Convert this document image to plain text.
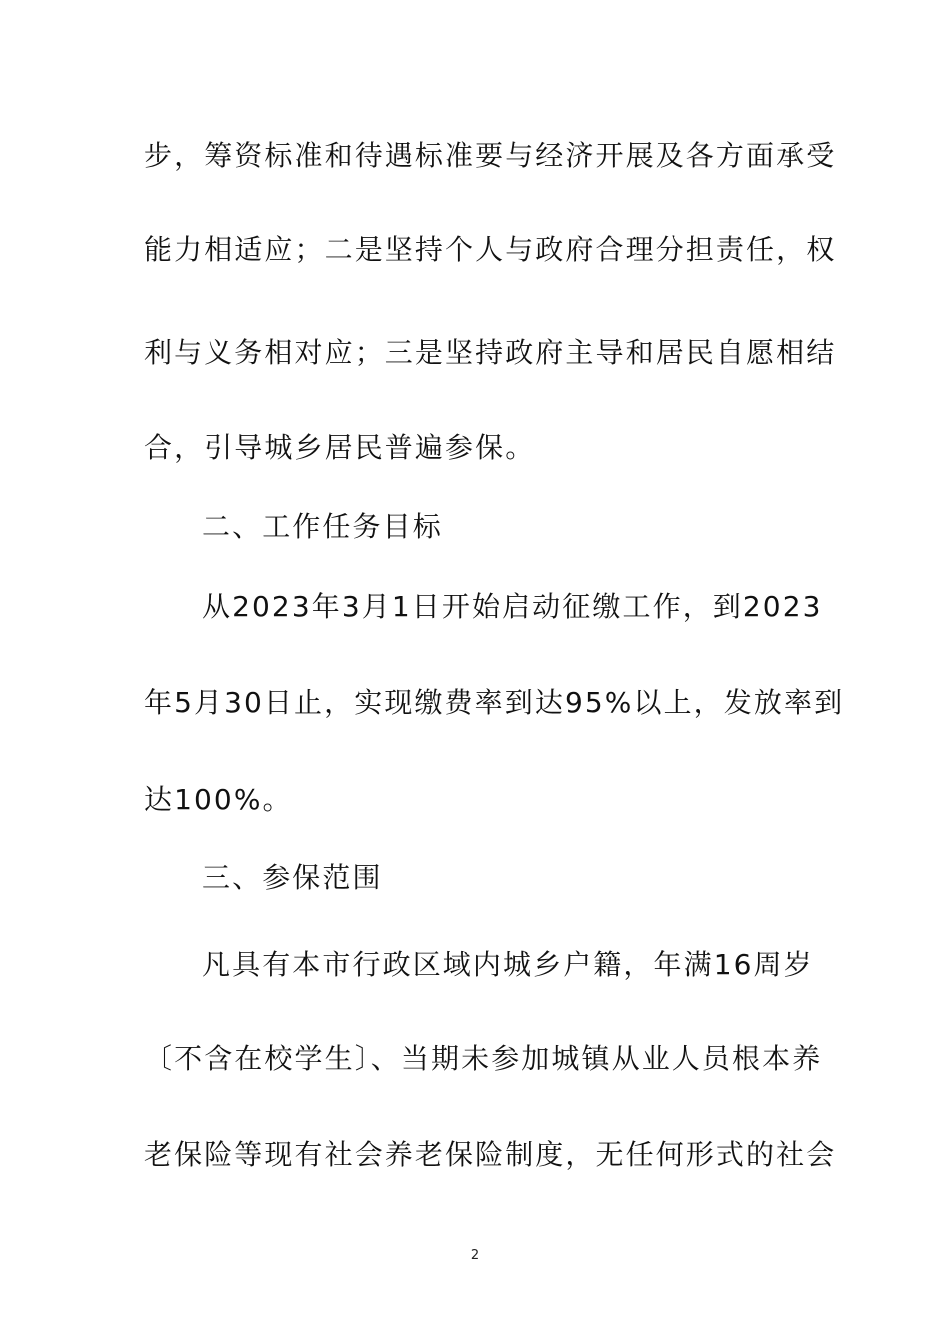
步，筹资标准和待遇标准要与经济开展及各方面承受
能力相适应；二是坚持个人与政府合理分担责任，权
利与义务相对应；三是坚持政府主导和居民自愿相结
合，引导城乡居民普遍参保。
二、工作任务目标
从2023年3月1日开始启动征缴工作，到2023
年5月30日止，实现缴费率到达95%以上，发放率到
达100%。
三、参保范围
凡具有本市行政区域内城乡户籍，年满16周岁
〔不含在校学生〕、当期未参加城镇从业人员根本养
老保险等现有社会养老保险制度，无任何形式的社会
2
